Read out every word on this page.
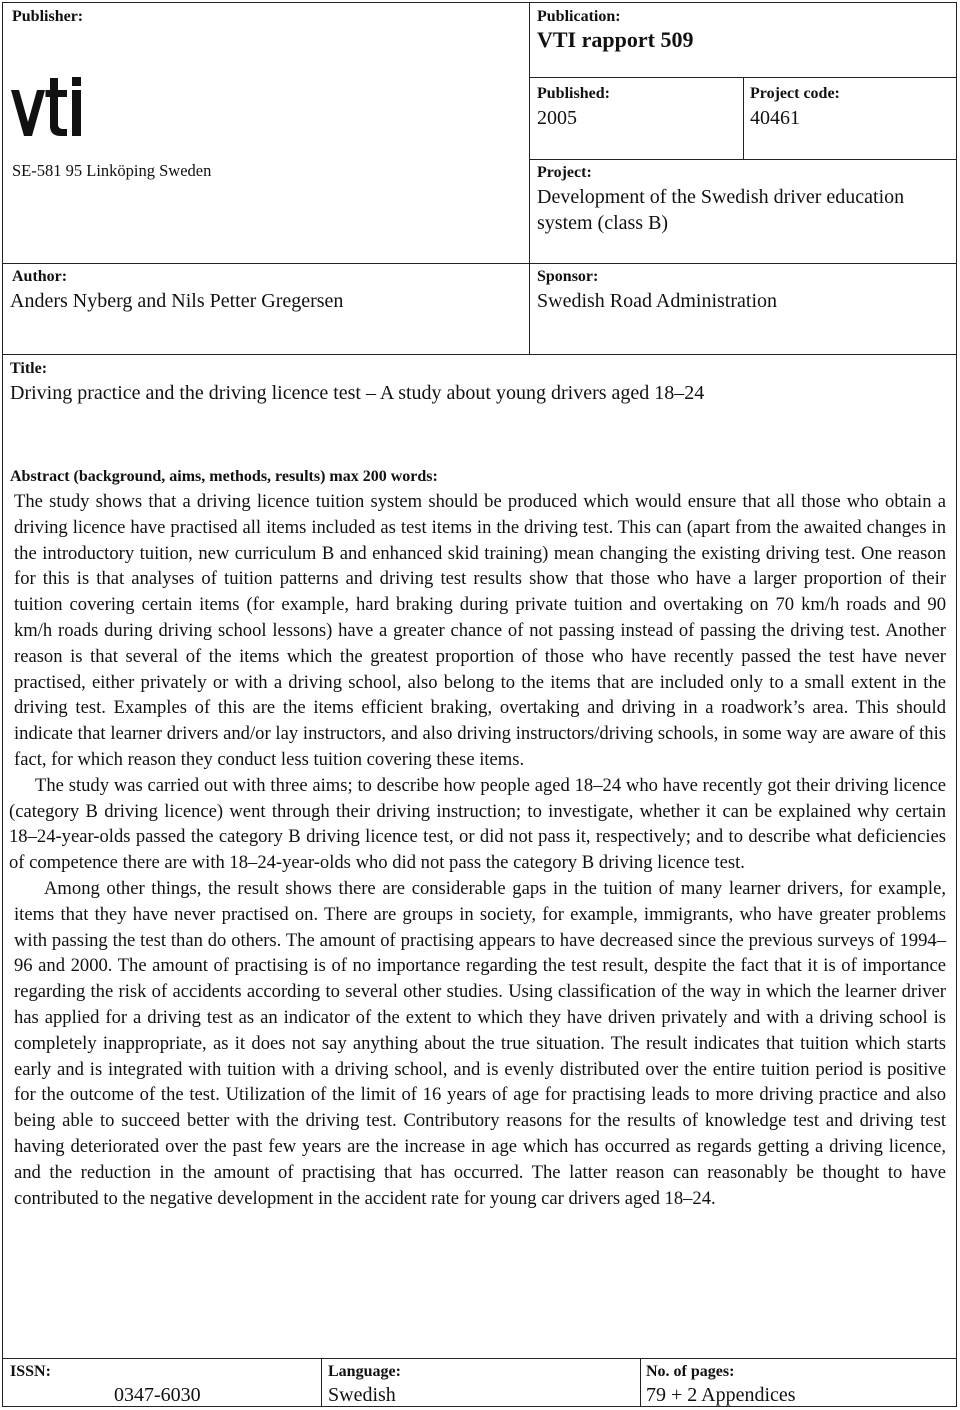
Publisher:
SE-581 95 Linköping Sweden
Publication:
VTI rapport 509
Published:
2005
Project code:
40461
Project:
Development of the Swedish driver education system (class B)
Author:
Anders Nyberg and Nils Petter Gregersen
Sponsor:
Swedish Road Administration
Title:
Driving practice and the driving licence test – A study about young drivers aged 18–24
Abstract (background, aims, methods, results) max 200 words:

The study shows that a driving licence tuition system should be produced which would ensure that all those who obtain a driving licence have practised all items included as test items in the driving test. This can (apart from the awaited changes in the introductory tuition, new curriculum B and enhanced skid training) mean changing the existing driving test. One reason for this is that analyses of tuition patterns and driving test results show that those who have a larger proportion of their tuition covering certain items (for example, hard braking during private tuition and overtaking on 70 km/h roads and 90 km/h roads during driving school lessons) have a greater chance of not passing instead of passing the driving test. Another reason is that several of the items which the greatest proportion of those who have recently passed the test have never practised, either privately or with a driving school, also belong to the items that are included only to a small extent in the driving test. Examples of this are the items efficient braking, overtaking and driving in a roadwork’s area. This should indicate that learner drivers and/or lay instructors, and also driving instructors/driving schools, in some way are aware of this fact, for which reason they conduct less tuition covering these items.

The study was carried out with three aims; to describe how people aged 18–24 who have recently got their driving licence (category B driving licence) went through their driving instruction; to investigate, whether it can be explained why certain 18–24-year-olds passed the category B driving licence test, or did not pass it, respectively; and to describe what deficiencies of competence there are with 18–24-year-olds who did not pass the category B driving licence test.

Among other things, the result shows there are considerable gaps in the tuition of many learner drivers, for example, items that they have never practised on. There are groups in society, for example, immigrants, who have greater problems with passing the test than do others. The amount of practising appears to have decreased since the previous surveys of 1994–96 and 2000. The amount of practising is of no importance regarding the test result, despite the fact that it is of importance regarding the risk of accidents according to several other studies. Using classification of the way in which the learner driver has applied for a driving test as an indicator of the extent to which they have driven privately and with a driving school is completely inappropriate, as it does not say anything about the true situation. The result indicates that tuition which starts early and is integrated with tuition with a driving school, and is evenly distributed over the entire tuition period is positive for the outcome of the test. Utilization of the limit of 16 years of age for practising leads to more driving practice and also being able to succeed better with the driving test. Contributory reasons for the results of knowledge test and driving test having deteriorated over the past few years are the increase in age which has occurred as regards getting a driving licence, and the reduction in the amount of practising that has occurred. The latter reason can reasonably be thought to have contributed to the negative development in the accident rate for young car drivers aged 18–24.

ISSN:
0347-6030
Language:
Swedish
No. of pages:
79 + 2 Appendices
